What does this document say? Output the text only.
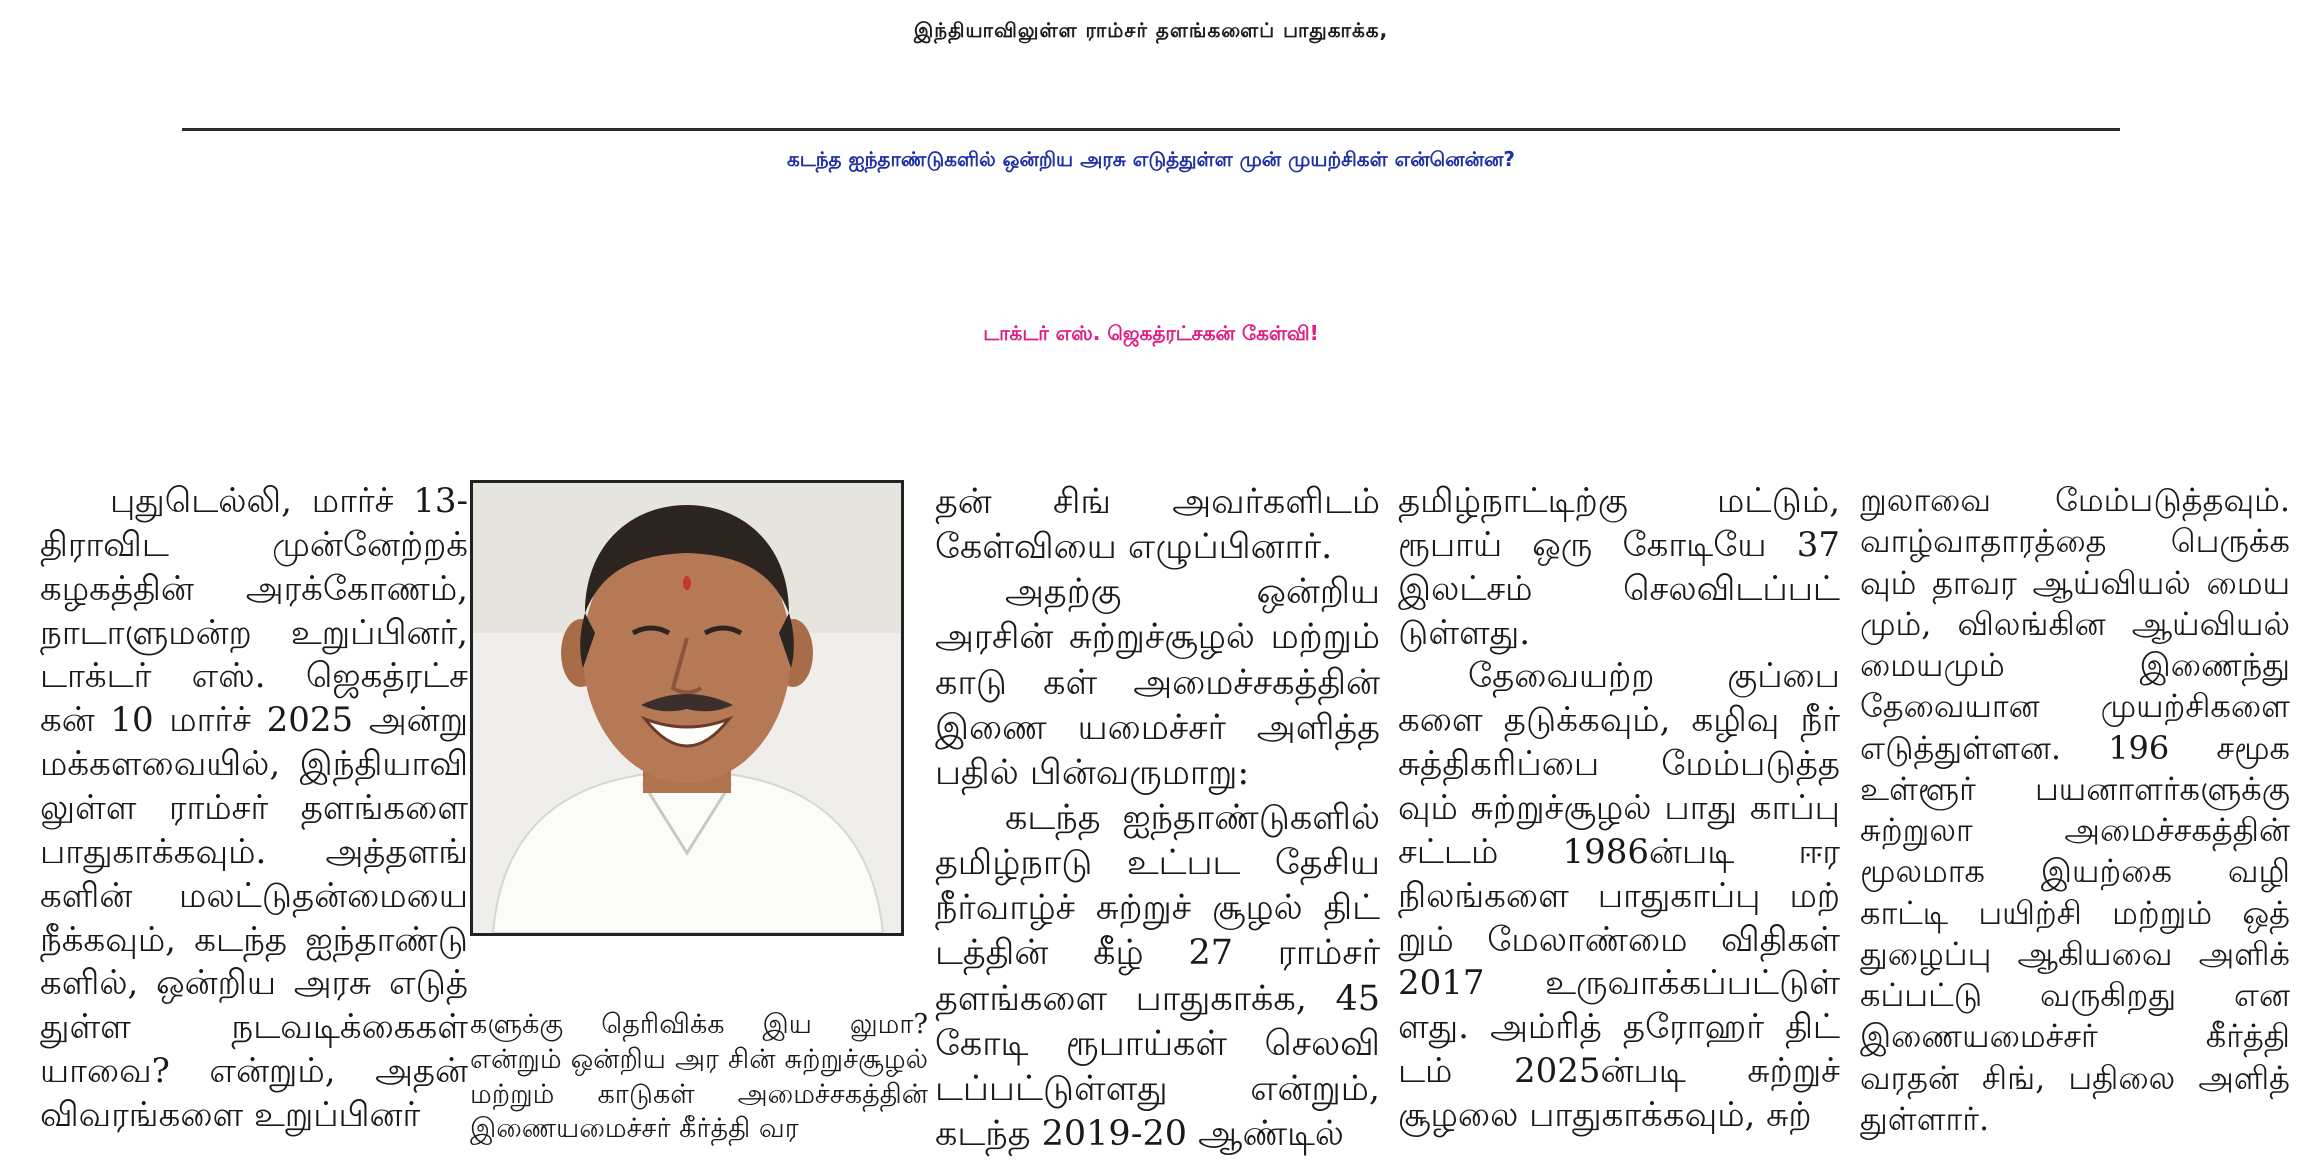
இந்தியாவிலுள்ள ராம்சர் தளங்களைப் பாதுகாக்க,
கடந்த ஐந்தாண்டுகளில் ஒன்றிய அரசு எடுத்துள்ள முன் முயற்சிகள் என்னென்ன?
டாக்டர் எஸ். ஜெகத்ரட்சகன் கேள்வி!

புதுடெல்லி, மார்ச் 13- திராவிட முன்னேற்றக் கழகத்தின் அரக்கோணம், நாடாளுமன்ற உறுப்பினர், டாக்டர் எஸ். ஜெகத்ரட்ச கன் 10 மார்ச் 2025 அன்று மக்களவையில், இந்தியாவி லுள்ள ராம்சர் தளங்களை பாதுகாக்கவும். அத்தளங் களின் மலட்டுதன்மையை நீக்கவும், கடந்த ஐந்தாண்டு களில், ஒன்றிய அரசு எடுத் துள்ள நடவடிக்கைகள் யாவை? என்றும், அதன் விவரங்களை உறுப்பினர்

களுக்கு தெரிவிக்க இய லுமா? என்றும் ஒன்றிய அர சின் சுற்றுச்சூழல் மற்றும் காடுகள் அமைச்சகத்தின் இணையமைச்சர் கீர்த்தி வர

தன் சிங் அவர்களிடம் கேள்வியை எழுப்பினார்.

அதற்கு ஒன்றிய அரசின் சுற்றுச்சூழல் மற்றும் காடு கள் அமைச்சகத்தின் இணை யமைச்சர் அளித்த பதில் பின்வருமாறு:

கடந்த ஐந்தாண்டுகளில் தமிழ்நாடு உட்பட தேசிய நீர்வாழ்ச் சுற்றுச் சூழல் திட் டத்தின் கீழ் 27 ராம்சர் தளங்களை பாதுகாக்க, 45 கோடி ரூபாய்கள் செலவி டப்பட்டுள்ளது என்றும், கடந்த 2019-20 ஆண்டில்

தமிழ்நாட்டிற்கு மட்டும், ரூபாய் ஒரு கோடியே 37 இலட்சம் செலவிடப்பட் டுள்ளது.

தேவையற்ற குப்பை களை தடுக்கவும், கழிவு நீர் சுத்திகரிப்பை மேம்படுத்த வும் சுற்றுச்சூழல் பாது காப்பு சட்டம் 1986ன்படி ஈர நிலங்களை பாதுகாப்பு மற் றும் மேலாண்மை விதிகள் 2017 உருவாக்கப்பட்டுள் ளது. அம்ரித் தரோஹர் திட் டம் 2025ன்படி சுற்றுச் சூழலை பாதுகாக்கவும், சுற்

றுலாவை மேம்படுத்தவும். வாழ்வாதாரத்தை பெருக்க வும் தாவர ஆய்வியல் மைய மும், விலங்கின ஆய்வியல் மையமும் இணைந்து தேவையான முயற்சிகளை எடுத்துள்ளன. 196 சமூக உள்ளூர் பயனாளர்களுக்கு சுற்றுலா அமைச்சகத்தின் மூலமாக இயற்கை வழி காட்டி பயிற்சி மற்றும் ஒத் துழைப்பு ஆகியவை அளிக் கப்பட்டு வருகிறது என இணையமைச்சர் கீர்த்தி வரதன் சிங், பதிலை அளித் துள்ளார்.
